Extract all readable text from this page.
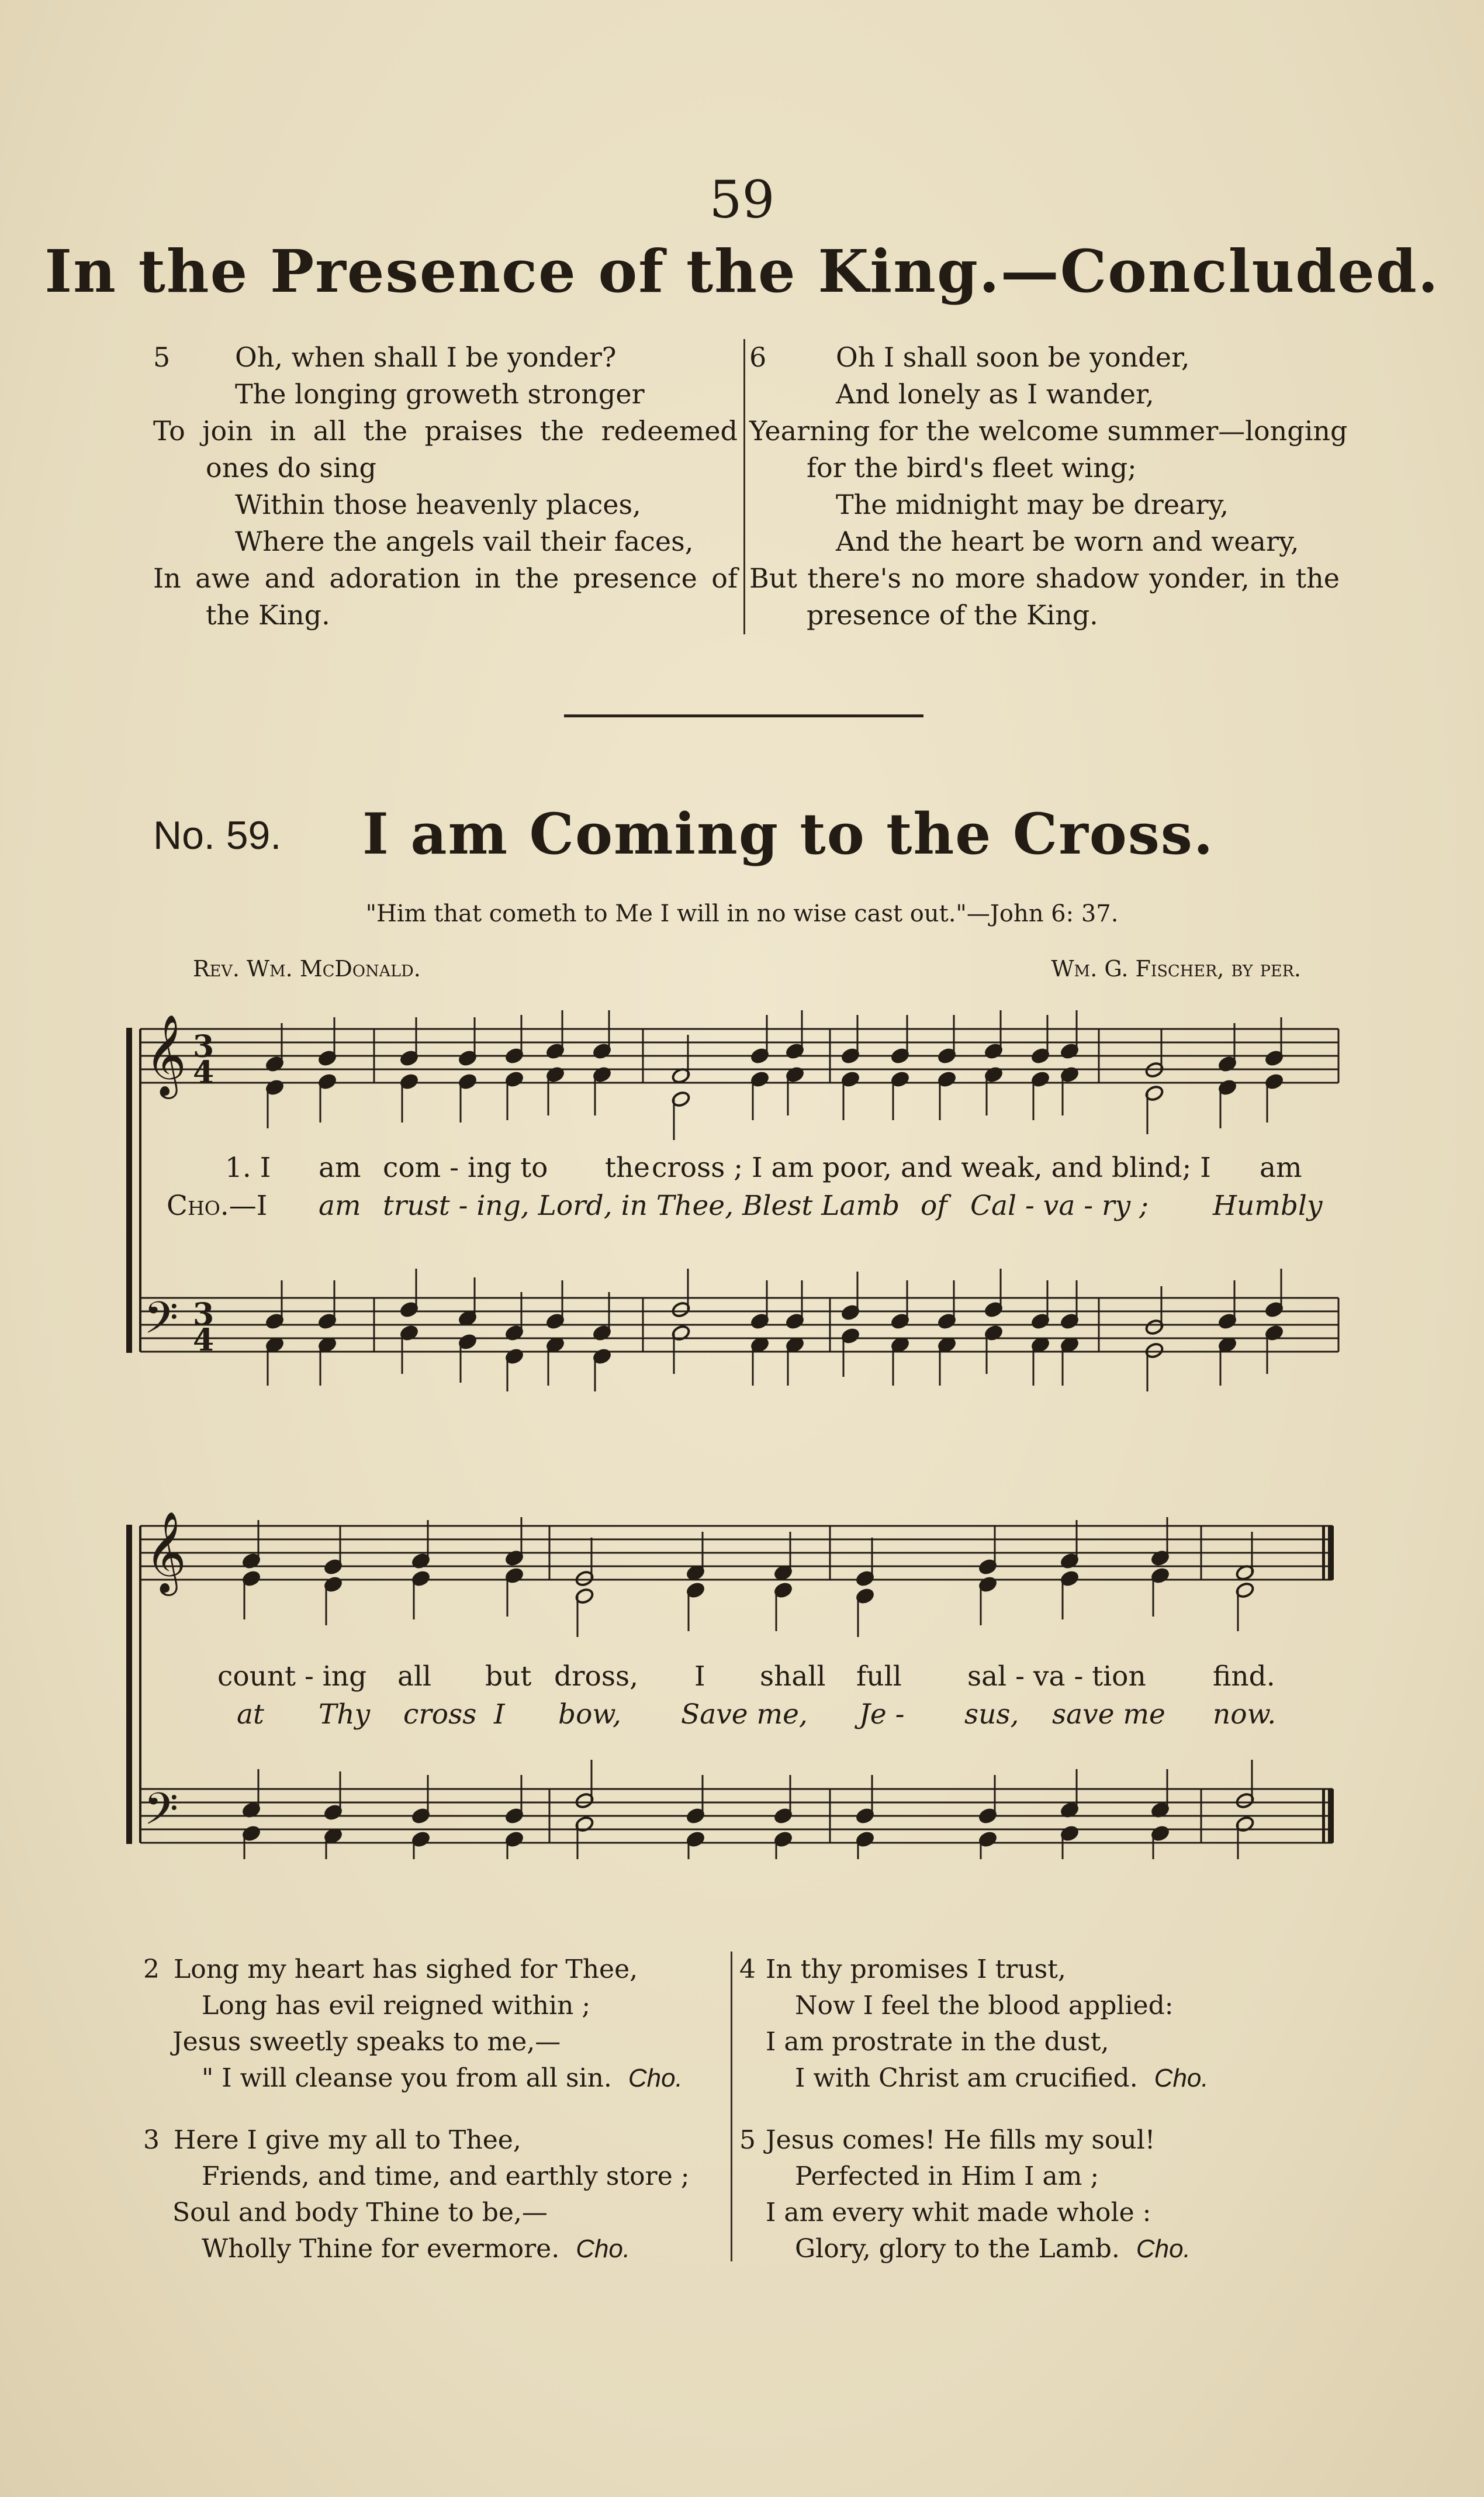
59
In the Presence of the King.—Concluded.
5 Oh, when shall I be yonder?
The longing groweth stronger
To join in all the praises the redeemed
ones do sing
Within those heavenly places,
Where the angels vail their faces,
In awe and adoration in the presence of
the King.
6	Oh I shall soon be yonder,
And lonely as I wander,
Yearning for the welcome summer—longing
for the bird's fleet wing;
The midnight may be dreary,
And the heart be worn and weary,
But there's no more shadow yonder, in the
presence of the King.
No. 59. I am Coming to the Cross.
"Him that cometh to Me I will in no wise cast out."—John 6: 37.
Rev. Wm. McDonald.	Wm. G. Fischer, by per.
𝄞
𝄢
3
4
3
4
1. I am com - ing to the cross ; I am poor, and weak, and blind; I am
Cho.—I am trust - ing, Lord, in Thee, Blest Lamb of Cal - va - ry ; Humbly
𝄞
𝄢
count - ing all but dross, I shall full sal - va - tion find.
at Thy cross I bow, Save me, Je - sus, save me now.
2 Long my heart has sighed for Thee,
Long has evil reigned within ;
Jesus sweetly speaks to me,—
" I will cleanse you from all sin. Cho.
3 Here I give my all to Thee,
Friends, and time, and earthly store ;
Soul and body Thine to be,—
Wholly Thine for evermore. Cho.
4 In thy promises I trust,
Now I feel the blood applied:
I am prostrate in the dust,
I with Christ am crucified. Cho.
5 Jesus comes! He fills my soul!
Perfected in Him I am ;
I am every whit made whole :
Glory, glory to the Lamb. Cho.
